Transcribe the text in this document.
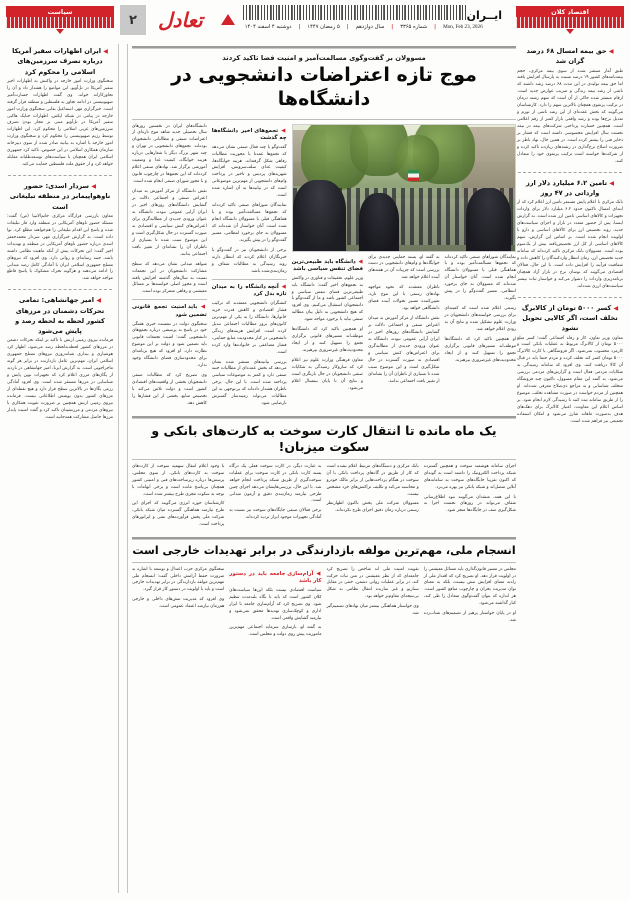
سیاست
۲	تعادل	دوشنبه ۴ اسفند ۱۴۰۴	|	۵ رمضان ۱۴۴۷	|	سال دوازدهم	|	شماره ۳۳۶۵	|	Mon, Feb 23, 2026
ایــران	اقتصاد کلان
◀ ایران اظهارات سفیر آمریکا درباره تصرف سرزمین‌های اسلامی را محکوم کرد
سخنگوی وزارت امور خارجه در واکنش به اظهارات اخیر سفیر آمریکا در تل‌آویو، این مواضع را هشدار داد و آن را تجاوزکارانه خواند. وی گفت اظهارات جسارت‌آمیز صهیونیستی در ادامه تجاوز به فلسطین و منطقه قرار گرفته است. خبرگزاری مهر، اسماعیل بقایی سخنگوی وزارت امور خارجه در پیامی در شبکه ایکس، اظهارات خبایک هاکبی سفیر آمریکا در تل‌آویو مبنی بر مجاز بودن تصرف سرزمین‌های عربی اسلامی را محکوم کرد. این اظهارات توسط رژیم صهیونیستی را محکوم کرد و سخنگوی وزارت امور خارجه با اشاره به بیانیه صادر شده از سوی دبیرخانه سازمان همکاری اسلامی در این خصوص، تاکید کرد جمهوری اسلامی ایران همچنان با سیاست‌های توسعه‌طلبانه مقابله خواهد کرد و از حقوق ملت فلسطین حمایت می‌کند.
◀ سردار اسدی: حضور ناوهواپیمابر در منطقه تبلیغاتی است
معاون بازرسی قرارگاه مرکزی خاتم‌الانبیا (ص) گفت: مسئله حضور ناوهای آمریکایی در منطقه وارد فاز تبلیغات شده و پاسخ این اقدام تبلیغاتی را هم‌خواهند مطلع کرد. نوا داده است. به گزارش خبرگزاری مهر، سردار محمدجعفر اسدی درباره حضور ناوهای آمریکایی در منطقه و تهدیدات اخیر گفت: این تحرکات بیش از آنکه ماهیت نظامی داشته باشد، جنبه رسانه‌ای و روانی دارد. وی افزود که نیروهای مسلح جمهوری اسلامی ایران با آمادگی کامل رصد میدانی را ادامه می‌دهند و هرگونه تحرک مشکوک با پاسخ قاطع مواجه خواهد شد.
◀ امیر جهانشاهی: تمامی تحرکات دشمنان در مرزهای کشور لحظه به لحظه رصد و پایش می‌شود
فرمانده نیروی زمینی ارتش با تاکید بر اینکه تحرکات دشمن در مرزهای کشور لحظه‌به‌لحظه رصد می‌شود، اظهار کرد هوشیاری و بیداری شبانه‌روزی نیروهای مسلح جمهوری اسلامی ایران، مهم‌ترین عامل بازدارنده در برابر هر گونه ماجراجویی است. به گزارش ایرنا، امیر جهانشاهی در بازدید از یگان‌های مرزی اعلام کرد که تجهیزات نوین پایش و شناسایی در مرزها مستقر شده است. وی افزود آمادگی رزمی یگان‌ها در بالاترین سطح قرار دارد و هیچ نقطه‌ای از مرزهای کشور بدون پوشش اطلاعاتی نیست. فرمانده نیروی زمینی ارتش همچنین بر ضرورت تقویت همکاری با نیروهای مردمی و مرزنشینان تاکید کرد و گفت امنیت پایدار مرزها حاصل مشارکت همه‌جانبه است.
مسوولان بر گفت‌وگوی مسالمت‌آمیز و امنیت فضا تاکید کردند
موج تازه اعتراضات دانشجویی در دانشگاه‌ها

دانشگاه‌های ایران در نخستین روزهای سال تحصیلی جدید شاهد موج تازه‌ای از اعتراضات صنفی و مطالباتی دانشجویان بوده‌اند. تجمع‌های دانشجویی در تهران و چند شهر بزرگ دیگر با شعارهایی درباره هزینه خوابگاه، کیفیت غذا و وضعیت آموزشی برگزار شد. نهادهای صنفی اعلام کرده‌اند که این تجمع‌ها در چارچوب قانون و با مجوز شورای صنفی انجام شده است.

نقش دانشگاه از مرکز آموزش به میدان اعتراض صنفی و اجتماعی دلالت بر گشایش دانشگاه‌های روز‌های اخیر در ایران آرایی عمومی نبوده، دانشگاه به عنوان ورودی جدیدی از مطالبه‌گری برای اعتراض‌های کنش سیاسی و اقتصادی به صورت گسترده در حال شکل‌گیری است و این موضوع سبب شده تا بسیاری از ناظران آن را نشانه‌ای از تغییر بافت اجتماعی بدانند.

شواهد میدانی نشان می‌دهد که سطح مشارکت دانشجویان در این تجمعات نسبت به سال‌های گذشته افزایش یافته است و محور اصلی خواسته‌ها بر مسائل معیشتی و رفاهی متمرکز بوده است.

◀ باید امنیت تجمع قانونی تضمین شود

سخنگوی دولت در نشست خبری هفتگی خود در پاسخ به پرسشی درباره تجمع‌های دانشجویی گفت: امنیت تجمعات قانونی باید تضمین شود و دولت بر این موضوع نظارت دارد. او افزود که هیچ برنامه‌ای برای محدودسازی فضای دانشگاه وجود ندارد.

وی تصریح کرد که مطالبات صنفی دانشجویان بخشی از واقعیت‌های اقتصادی کشور است و دولت تلاش می‌کند با تخصیص منابع، بخشی از این فشارها را کاهش دهد.

◀ تجمع‌های اخیر دانشگاه‌ها چه گذشت

گفت‌وگو با چند فعال صنفی نشان می‌دهد که تجمع‌ها عمدتا با محوریت مطالبات رفاهی شکل گرفته‌اند. هزینه خوابگاه‌ها، کیفیت غذای سلف‌سرویس، افزایش شهریه‌های پردیس و تاخیر در پرداخت وام‌های دانشجویی از مهم‌ترین موضوعاتی است که در بیانیه‌ها به آن اشاره شده است.

نمایندگان شوراهای صنفی تاکید کرده‌اند که تجمع‌ها مسالمت‌آمیز بوده و با هماهنگی قبلی با مسوولان دانشگاه انجام شده است. آنان خواستار آن شده‌اند که مسوولان به جای برخورد انتظامی، مسیر گفت‌وگو را در پیش بگیرند.

برخی از دانشجویان نیز در گفت‌وگو با خبرنگاران اعلام کردند که انتظار دارند روند رسیدگی به مطالبات شفاف و زمان‌بندی‌شده باشد.

◀ آنچه دانشگاه را به میدان تازه بدل کرد

کنشگران دانشجویی معتقدند که ترکیب فشار اقتصادی و کاهش قدرت خرید خانوارها، دانشگاه را به یکی از مهم‌ترین کانون‌های بروز مطالبات اجتماعی تبدیل کرده است. افزایش هزینه‌های زندگی دانشجویی در کنار محدودیت منابع حمایتی، فشار مضاعفی بر خانواده‌ها وارد کرده است.

بررسی بیانیه‌های منتشر شده نشان می‌دهد که بخش عمده‌ای از مطالبات جنبه صنفی دارد و کمتر به موضوعات سیاسی پرداخته شده است. با این حال، برخی ناظران هشدار داده‌اند که بی‌توجهی به این مطالبات می‌تواند زمینه‌ساز گسترش نارضایتی شود.

◀ دانشگاه باید طبیعی‌ترین فضای تنفس سیاسی باشد

وزیر علوم، تحقیقات و فناوری در واکنش به تجمع‌های اخیر گفت: دانشگاه باید طبیعی‌ترین فضای تنفس سیاسی و اجتماعی کشور باشد و ما از گفت‌وگو با دانشجویان استقبال می‌کنیم. وی افزود که هیچ دانشجویی به دلیل بیان مطالبه صنفی نباید با برخورد مواجه شود.

او همچنین تاکید کرد که دانشگاه‌ها موظف‌اند مسیرهای قانونی برگزاری تجمع را تسهیل کنند و از ایجاد محدودیت‌های غیرضروری بپرهیزند.

معاون فرهنگی وزارت علوم نیز اعلام کرد که سازوکار رسیدگی به شکایات صنفی دانشجویان در حال بازنگری است و نتایج آن تا پایان نیمسال اعلام می‌شود.

به گفته او، بسته حمایتی جدیدی برای خوابگاه‌ها و وام‌های دانشجویی در دست بررسی است که جزییات آن در هفته‌های آینده اعلام خواهد شد.

ناظران معتقدند که نحوه مواجهه نهادهای رسمی با این موج تازه، تعیین‌کننده مسیر تحولات آینده فضای دانشگاهی خواهد بود.

نقش دانشگاه از مرکز آموزش به میدان اعتراض صنفی و اجتماعی دلالت بر گشایش دانشگاه‌های روز‌های اخیر در ایران آرایی عمومی نبوده، دانشگاه به عنوان ورودی جدیدی از مطالبه‌گری برای اعتراض‌های کنش سیاسی و اقتصادی به صورت گسترده در حال شکل‌گیری است و این موضوع سبب شده تا بسیاری از ناظران آن را نشانه‌ای از تغییر بافت اجتماعی بدانند.

نمایندگان شوراهای صنفی تاکید کرده‌اند که تجمع‌ها مسالمت‌آمیز بوده و با هماهنگی قبلی با مسوولان دانشگاه انجام شده است. آنان خواستار آن شده‌اند که مسوولان به جای برخورد انتظامی، مسیر گفت‌وگو را در پیش بگیرند.

رسمی اعلام شده است که کمیته‌ای برای بررسی خواسته‌های دانشجویان در وزارت علوم تشکیل شده و نتایج آن به زودی اعلام خواهد شد.

او همچنین تاکید کرد که دانشگاه‌ها موظف‌اند مسیرهای قانونی برگزاری تجمع را تسهیل کنند و از ایجاد محدودیت‌های غیرضروری بپرهیزند.

یک ماه مانده تا انتقال کارت سوخت به کارت‌های بانکی و سکوت میزبان!

با وجود اعلام انتقال سهمیه سوخت از کارت‌های سوخت به کارت‌های بانکی، از سوی مجلس، پرسش‌ها درباره زیرساخت‌های فنی و امنیتی کشور همچنان بی‌پاسخ مانده است و برخی ابهامات با توجه به سکوت مجری طرح بیشتر شده است.

کارشناسان حوزه انرژی می‌گویند که اجرای این طرح نیازمند هماهنگی گسترده میان شبکه بانکی، شرکت ملی پخش فرآورده‌های نفتی و اپراتورهای پرداخت است.

به عبارت دیگر، در کارت سوخت فعلی یک درگاه بسته کارت بانکی در کارت سوخت برای عملیات سوخت‌گیری از طریق شبکه پرداخت انجام خواهد شد. با این حال، بررسی‌هایشان می‌دهد اجرای چنین طرحی نیازمند زمان‌بندی دقیق و آزمون میدانی است.

برخی فعالان صنفی جایگاه‌های سوخت نیز نسبت به آمادگی تجهیزات موجود ابراز تردید کرده‌اند.

بانک مرکزی و دستگاه‌های مرتبط اعلام نشده است که کار از طریق در گاه‌های پرداخت بانکی با آن سوخت در هنگام پرداخت‌هایی از برابر مالک خودرو و محاسبه می‌کند و تکلیف تراکنش‌های خرد مشخص نیست.

مسوولان شرکت ملی پخش تاکنون اظهارنظر رسمی درباره زمان دقیق اجرای طرح نکرده‌اند.

اجرای سامانه هوشمند سوخت و همچنین گسترده شبکه پرداخت الکترونیک را داشته است به گونه‌ای که اکنون تقریبا جایگاه‌های سوخت به سامانه‌های آنلاین متصل‌اند و شبکه بانکی نیز بهره می‌برد.

با این همه، منتقدان می‌گویند نبود اطلاع‌رسانی شفاف می‌تواند در روزهای نخست اجرا به شکل‌گیری صف در جایگاه‌ها منجر شود.

انسجام ملی، مهم‌ترین مولفه بازدارندگی در برابر تهدیدات خارجی است

سخنگوی مرکزی حزب اعتدال و توسعه با اشاره به ضرورت حفظ آرامش داخلی گفت: انسجام ملی مهم‌ترین مولفه بازدارندگی در برابر تهدیدات خارجی است و باید با اولویت در دستور کار قرار گیرد.

وی افزود که مدیریت تنش‌های داخلی و خارجی هم‌زمان نیازمند اعتماد عمومی است.

◀ آرام‌سازی جامعه باید در دستور کار باشد

سیاست اقتصادی نیست بلکه این‌ها سیاست‌های کلان کشور است که باید با نگاه بلندمدت تنظیم شود. وی تصریح کرد که آرام‌سازی جامعه با ابزار اداری و کوچک‌سازی تهدیدها محقق نمی‌شود و نیازمند گشایش واقعی است.

به گفته او، بازسازی سرمایه اجتماعی مهم‌ترین ماموریت پیش روی دولت و مجلس است.

تقویت امنیت ملی اند شاخص را تصریح کرد جامعه‌ای که از نظر معیشتی در متن ثبات حرکت کند، در برابر عملیات روانی دشمن، خنثی در مقابل سناریو و غیر سازنده انتقال نظامی به شکل بی‌نتیجه‌ای مقاوم‌تر خواهد بود.

وی خواستار هماهنگی بیشتر میان نهادهای تصمیم‌گیر شد.

مجلس در مسیر قانون‌گذاری باید مسائل معیشتی را در اولویت قرار دهد. او تصریح کرد که اقتدار ملی از راه‌به معنای افزایش تنش نیست، بلکه به معنای توان مدیریت بحران و چارچوب منافع کشور است. هر اندازه که بتوان گفت‌وگوی متعادل را طی کند، کنار گذاشته می‌شود.

او در پایان خواستار پرهیز از تصمیم‌های شتاب‌زده شد.

◀ حق بیمه امسال ۶۸ درصد گران شد
طبق آمار منتشر شده از سوی بیمه مرکزی، حجم بیمه‌نامه‌های کشور ۱۹ درصد نسبت به پارسال افزایش یافته اما حق بیمه تولیدی در این مدت ۶۸ درصد رشد داشته که ناشی از رشد بیمه زندگی و ضریب عوارض جدید است. ارقام منتشر شده حاکی از آن است که سهم رشته درمان در ترکیب پرتفوی همچنان بالاترین سهم را دارد. کارشناسان می‌گویند که بخش عمده‌ای از این رشد ناشی از تورم و تعدیل نرخ‌ها بوده و رشد واقعی بازار کمتر از رقم اعلامی است. همچنین خسارت پرداختی شرکت‌های بیمه در نیمه نخست سال افزایش محسوسی داشته است که فشار بر ذخایر فنی را بیشتر کرده است. در همین حال، نهاد ناظر بر ضرورت اصلاح نرخ‌گذاری در رشته‌های زیان‌ده تاکید کرده و از شرکت‌ها خواسته است ترکیب پرتفوی خود را متعادل کنند.
◀ تامین ۶.۲ میلیارد دلار ارز وارداتی در ۴۷ روز
بانک مرکزی با اعلام پایش مستمر تامین ارز اعلام کرد که از ابتدای امسال تاکنون حدود ۶.۲ میلیارد دلار برای واردات تجهیزات و کالاهای اساسی تامین ارز شده است. به گزارش ایسنا، پس از حضور متعدد در بازار و اجرای سیاست‌های جدید، روند تخصیص ارز برای کالاهای اساسی و دارو با اولویت انجام شده است. بر اساس این گزارش، سهم کالاهای اساسی از کل ارز تخصیص‌یافته بیش از یک‌سوم بوده است. مسوولان بانک مرکزی تاکید کرده‌اند که سامانه جدید تخصیص ارز، زمان انتظار واردکنندگان را کاهش داده و شفافیت فرآیند را افزایش داده است. با این حال، فعالان اقتصادی می‌گویند که نوسان نرخ در بازار آزاد همچنان برنامه‌ریزی واردات را دشوار می‌کند و خواستار ثبات بیشتر سیاست‌های ارزی شده‌اند.
◀ کسر ۵۰۰۰ تومان از کالابرگ تخلف است، اگر کالایی تحویل نشود
معاون وزیر تعاون، کار و رفاه اجتماعی گفت: کسر مبلغ ۵۰۰۰ تومان از کالابرگ مربوط به عملیات بانکی است و کارمزد محسوب نمی‌شود. اگر فروشگاهی با کارت کالابرگ ۵۰۰۰ تومان کسر کند تخلف کرده و مردم حتما باید در قبال آن کالا دریافت کنند. وی افزود که سامانه رسیدگی به شکایات مردمی فعال است و گزارش‌های مردمی بررسی می‌شود. به گفته این مقام مسوول، تاکنون چند فروشگاه متخلف شناسایی و به مراجع ذی‌صلاح معرفی شده‌اند. او همچنین از مردم خواست در صورت مشاهده تخلف، موضوع را از طریق سامانه ثبت کنند تا رسیدگی لازم انجام شود. بر اساس اعلام این معاونت، اعتبار کالابرگ برای دهک‌های هدف به‌صورت ماهانه شارژ می‌شود و امکان استفاده تجمیعی نیز فراهم شده است.
